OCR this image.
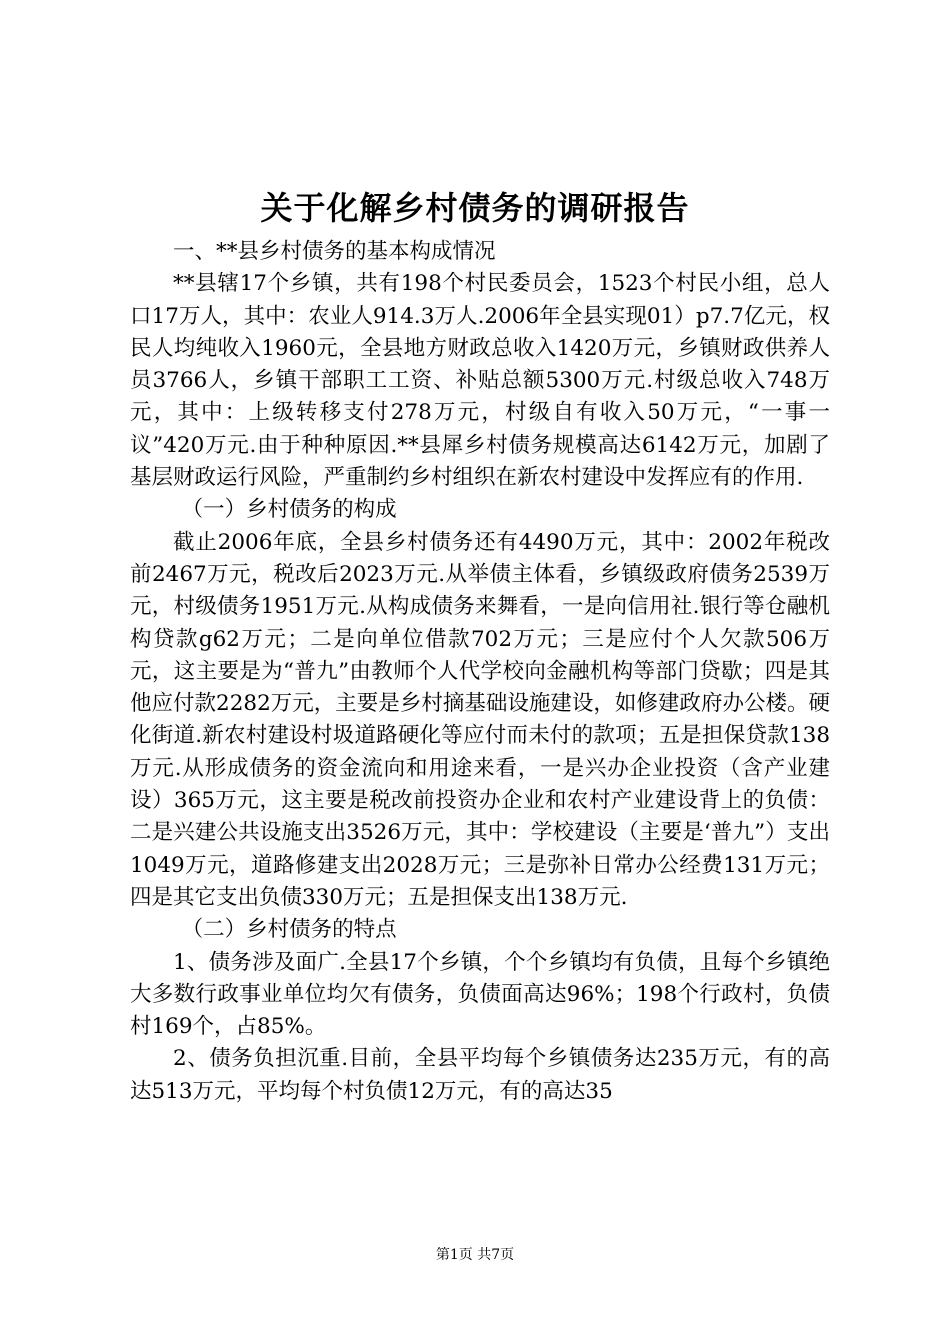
关于化解乡村债务的调研报告

一、**县乡村债务的基本构成情况

**县辖17个乡镇，共有198个村民委员会，1523个村民小组，总人口17万人，其中：农业人914.3万人.2006年全县实现01）p7.7亿元，权民人均纯收入1960元，全县地方财政总收入1420万元，乡镇财政供养人员3766人，乡镇干部职工工资、补贴总额5300万元.村级总收入748万元，其中：上级转移支付278万元，村级自有收入50万元，“一事一议”420万元.由于种种原因.**县犀乡村债务规模高达6142万元，加剧了基层财政运行风险，严重制约乡村组织在新农村建设中发挥应有的作用.

（一）乡村债务的构成

截止2006年底，全县乡村债务还有4490万元，其中：2002年税改前2467万元，税改后2023万元.从举债主体看，乡镇级政府债务2539万元，村级债务1951万元.从构成债务来舞看，一是向信用社.银行等仓融机构贷款g62万元；二是向单位借款702万元；三是应付个人欠款506万元，这主要是为“普九”由教师个人代学校向金融机构等部门贷歇；四是其他应付款2282万元，主要是乡村摘基础设施建设，如修建政府办公楼。硬化街道.新农村建设村圾道路硬化等应付而未付的款项；五是担保贷款138万元.从形成债务的资金流向和用途来看，一是兴办企业投资（含产业建设）365万元，这主要是税改前投资办企业和农村产业建设背上的负债：二是兴建公共设施支出3526万元，其中：学校建设（主要是‘普九”）支出1049万元，道路修建支出2028万元；三是弥补日常办公经费131万元；四是其它支出负债330万元；五是担保支出138万元.

（二）乡村债务的特点

1、债务涉及面广.全县17个乡镇，个个乡镇均有负债，且每个乡镇绝大多数行政事业单位均欠有债务，负债面高达96%；198个行政村，负债村169个，占85%。

2、债务负担沉重.目前，全县平均每个乡镇债务达235万元，有的高达513万元，平均每个村负债12万元，有的高达35

第1页 共7页
